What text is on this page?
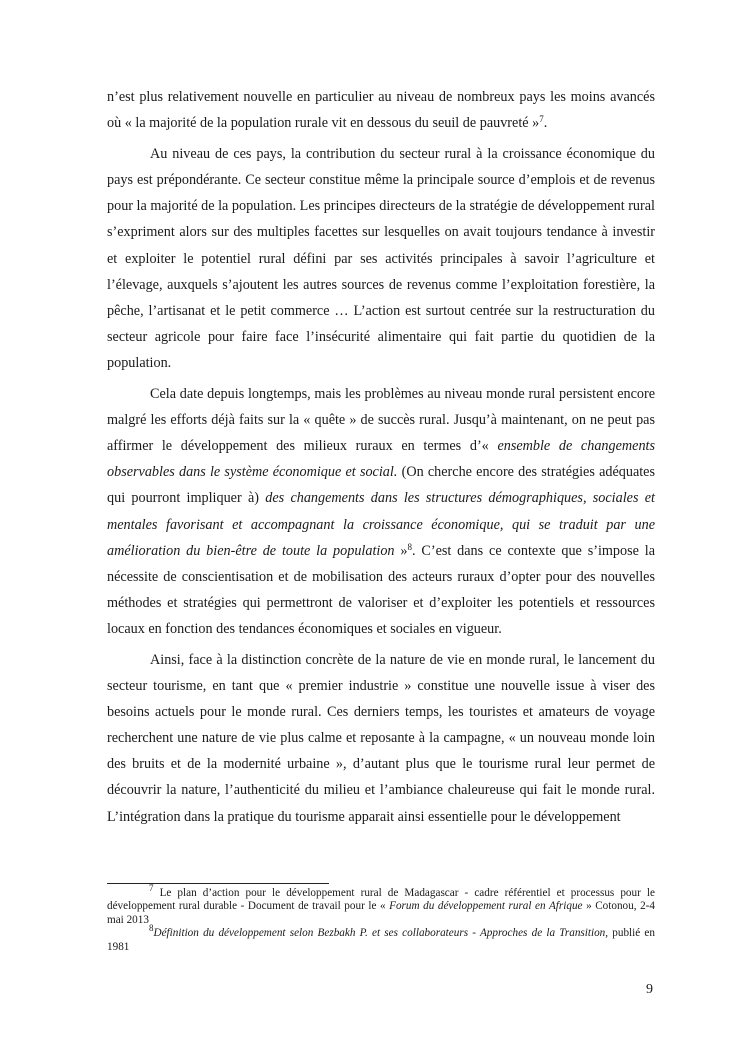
n’est plus relativement nouvelle en particulier au niveau de nombreux pays les moins avancés où « la majorité de la population rurale vit en dessous du seuil de pauvreté »$^7$.

Au niveau de ces pays, la contribution du secteur rural à la croissance économique du pays est prépondérante. Ce secteur constitue même la principale source d’emplois et de revenus pour la majorité de la population. Les principes directeurs de la stratégie de développement rural s’expriment alors sur des multiples facettes sur lesquelles on avait toujours tendance à investir et exploiter le potentiel rural défini par ses activités principales à savoir l’agriculture et l’élevage, auxquels s’ajoutent les autres sources de revenus comme l’exploitation forestière, la pêche, l’artisanat et le petit commerce … L’action est surtout centrée sur la restructuration du secteur agricole pour faire face l’insécurité alimentaire qui fait partie du quotidien de la population.

Cela date depuis longtemps, mais les problèmes au niveau monde rural persistent encore malgré les efforts déjà faits sur la « quête » de succès rural. Jusqu’à maintenant, on ne peut pas affirmer le développement des milieux ruraux en termes d’« ensemble de changements observables dans le système économique et social. (On cherche encore des stratégies adéquates qui pourront impliquer à) des changements dans les structures démographiques, sociales et mentales favorisant et accompagnant la croissance économique, qui se traduit par une amélioration du bien-être de toute la population »$^8$. C’est dans ce contexte que s’impose la nécessite de conscientisation et de mobilisation des acteurs ruraux d’opter pour des nouvelles méthodes et stratégies qui permettront de valoriser et d’exploiter les potentiels et ressources locaux en fonction des tendances économiques et sociales en vigueur.

Ainsi, face à la distinction concrète de la nature de vie en monde rural, le lancement du secteur tourisme, en tant que « premier industrie » constitue une nouvelle issue à viser des besoins actuels pour le monde rural. Ces derniers temps, les touristes et amateurs de voyage recherchent une nature de vie plus calme et reposante à la campagne, « un nouveau monde loin des bruits et de la modernité urbaine », d’autant plus que le tourisme rural leur permet de découvrir la nature, l’authenticité du milieu et l’ambiance chaleureuse qui fait le monde rural. L’intégration dans la pratique du tourisme apparait ainsi essentielle pour le développement

$^7$ Le plan d’action pour le développement rural de Madagascar - cadre référentiel et processus pour le développement rural durable - Document de travail pour le « Forum du développement rural en Afrique » Cotonou, 2-4 mai 2013

$^8$Définition du développement selon Bezbakh P. et ses collaborateurs - Approches de la Transition, publié en 1981

9
